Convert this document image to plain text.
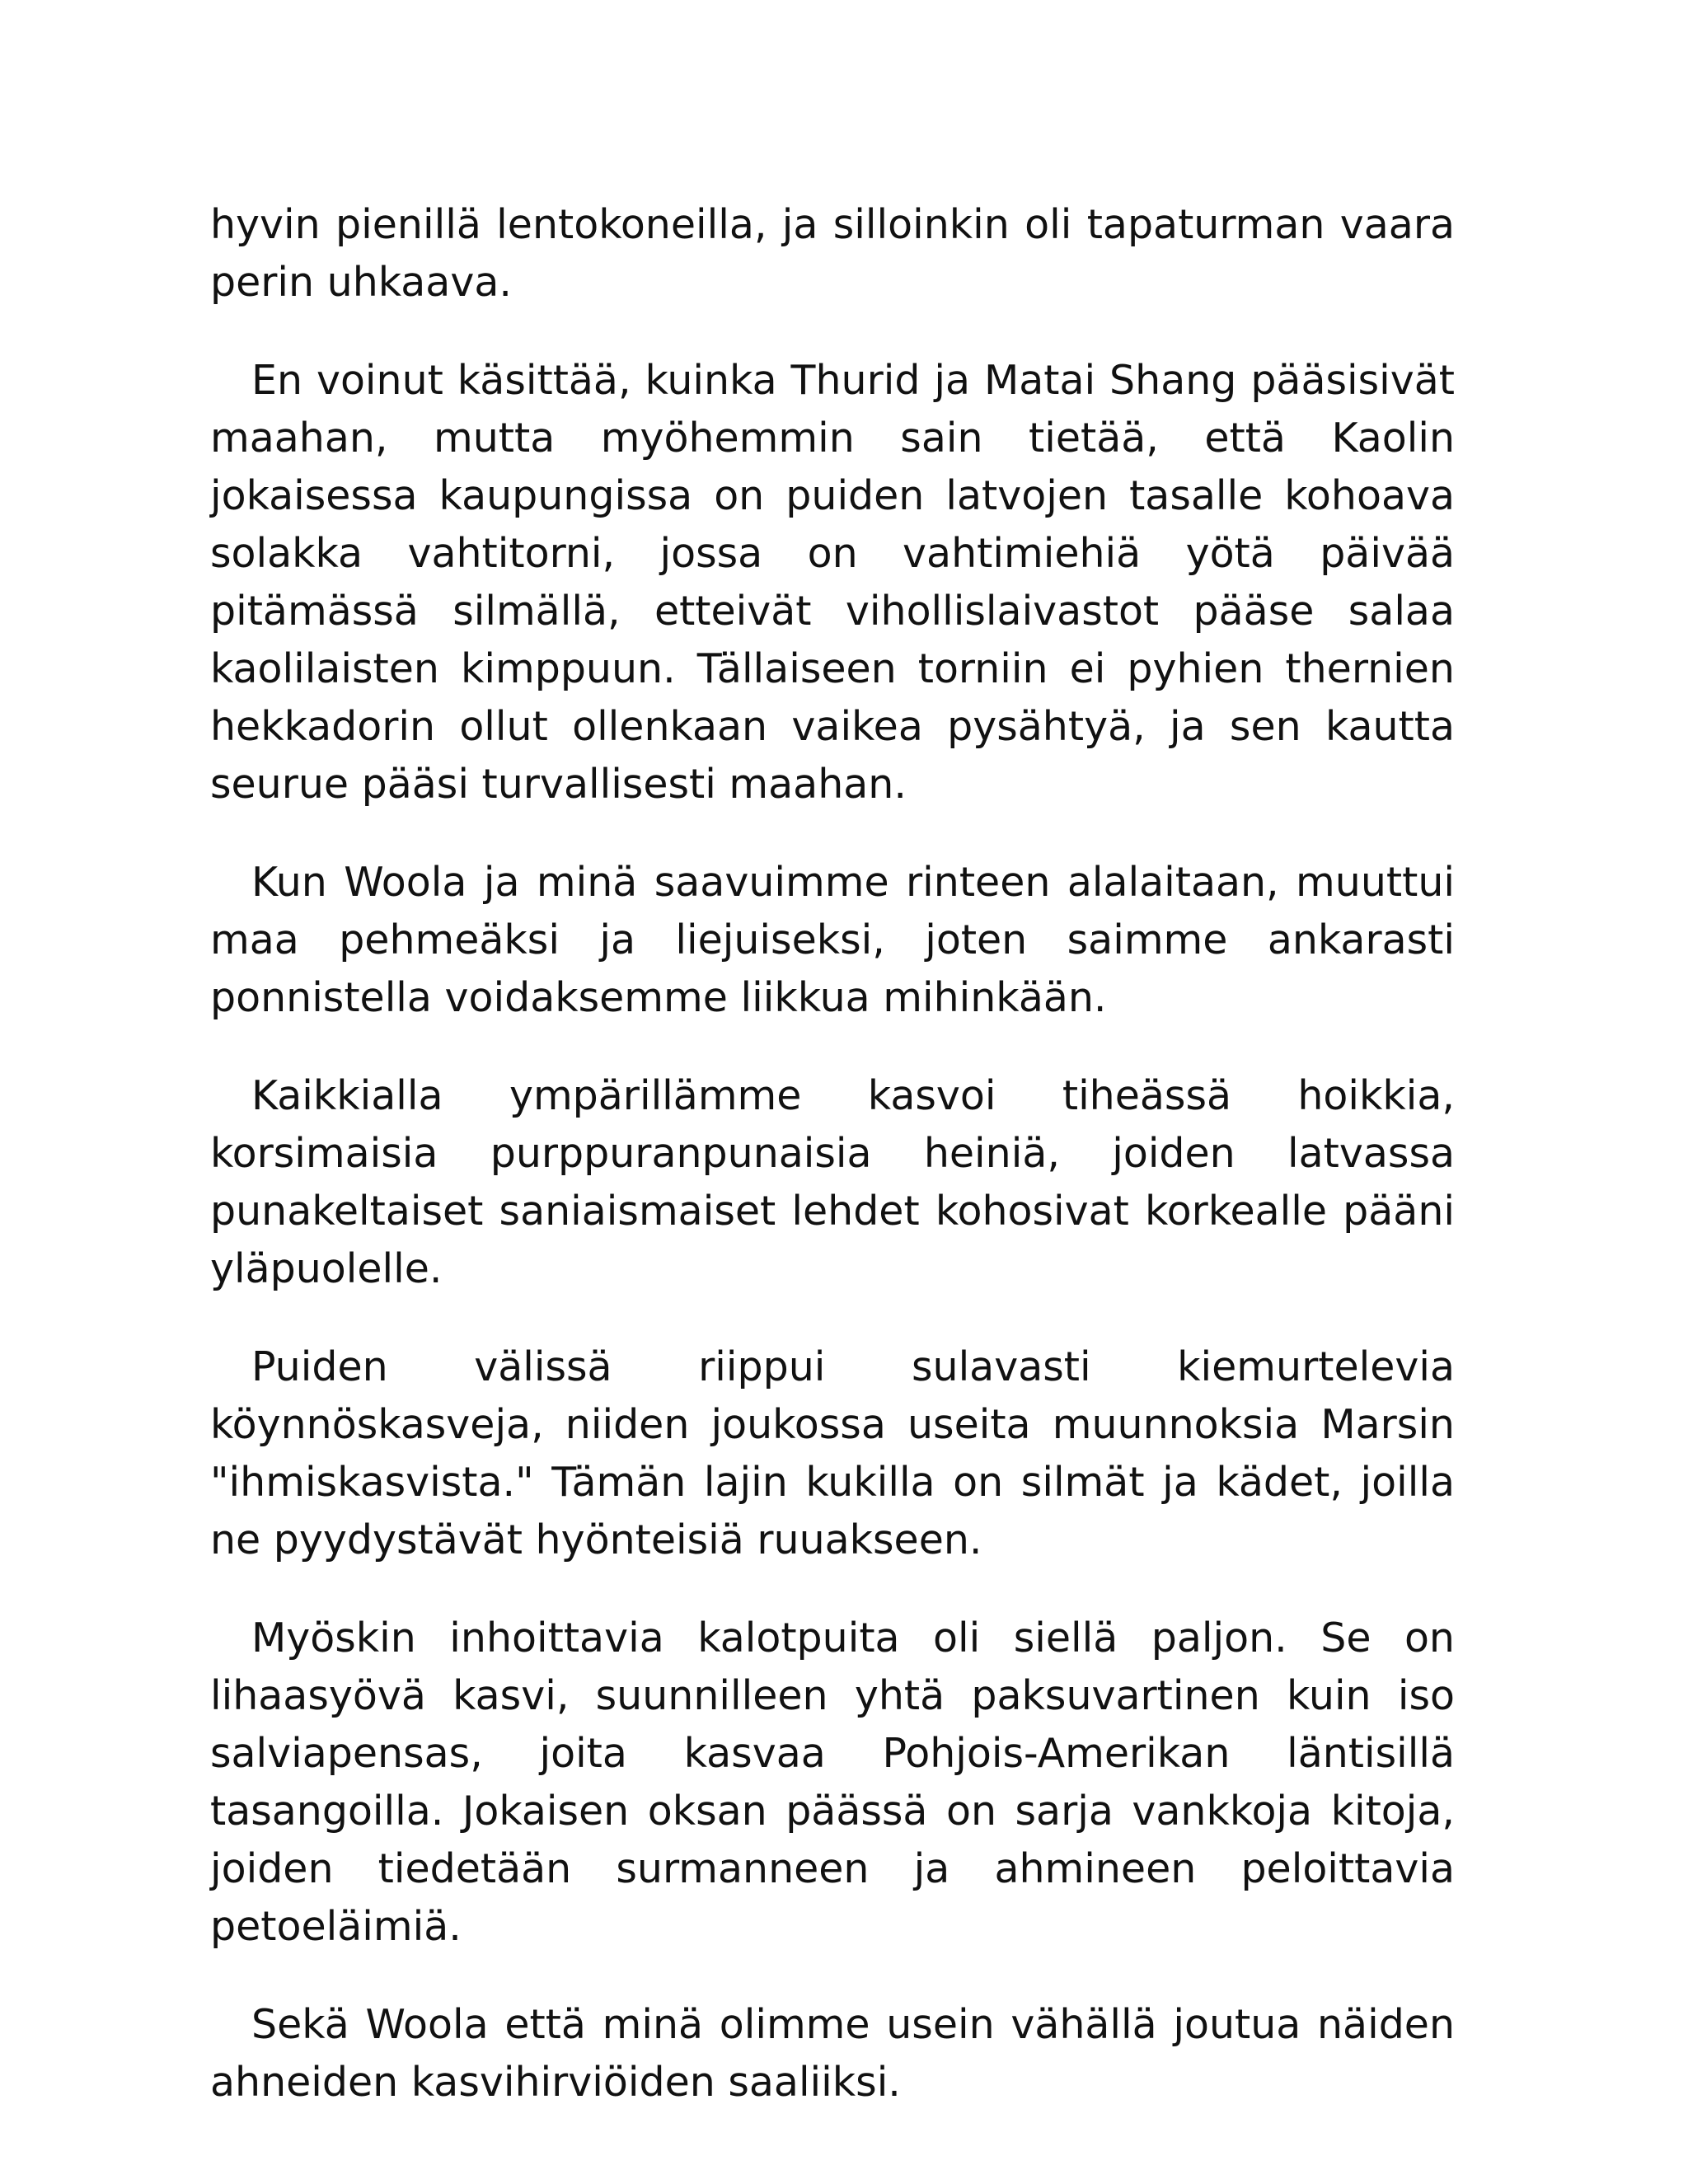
hyvin pienillä lentokoneilla, ja silloinkin oli tapaturman vaara perin uhkaava.

En voinut käsittää, kuinka Thurid ja Matai Shang pääsisivät maahan, mutta myöhemmin sain tietää, että Kaolin jokaisessa kaupungissa on puiden latvojen tasalle kohoava solakka vahtitorni, jossa on vahtimiehiä yötä päivää pitämässä silmällä, etteivät vihollislaivastot pääse salaa kaolilaisten kimppuun. Tällaiseen torniin ei pyhien thernien hekkadorin ollut ollenkaan vaikea pysähtyä, ja sen kautta seurue pääsi turvallisesti maahan.

Kun Woola ja minä saavuimme rinteen alalaitaan, muuttui maa pehmeäksi ja liejuiseksi, joten saimme ankarasti ponnistella voidaksemme liikkua mihinkään.

Kaikkialla ympärillämme kasvoi tiheässä hoikkia, korsimaisia purppuranpunaisia heiniä, joiden latvassa punakeltaiset saniaismaiset lehdet kohosivat korkealle pääni yläpuolelle.

Puiden välissä riippui sulavasti kiemurtelevia köynnöskasveja, niiden joukossa useita muunnoksia Marsin "ihmiskasvista." Tämän lajin kukilla on silmät ja kädet, joilla ne pyydystävät hyönteisiä ruuakseen.

Myöskin inhoittavia kalotpuita oli siellä paljon. Se on lihaasyövä kasvi, suunnilleen yhtä paksuvartinen kuin iso salviapensas, joita kasvaa Pohjois-Amerikan läntisillä tasangoilla. Jokaisen oksan päässä on sarja vankkoja kitoja, joiden tiedetään surmanneen ja ahmineen peloittavia petoeläimiä.

Sekä Woola että minä olimme usein vähällä joutua näiden ahneiden kasvihirviöiden saaliiksi.
